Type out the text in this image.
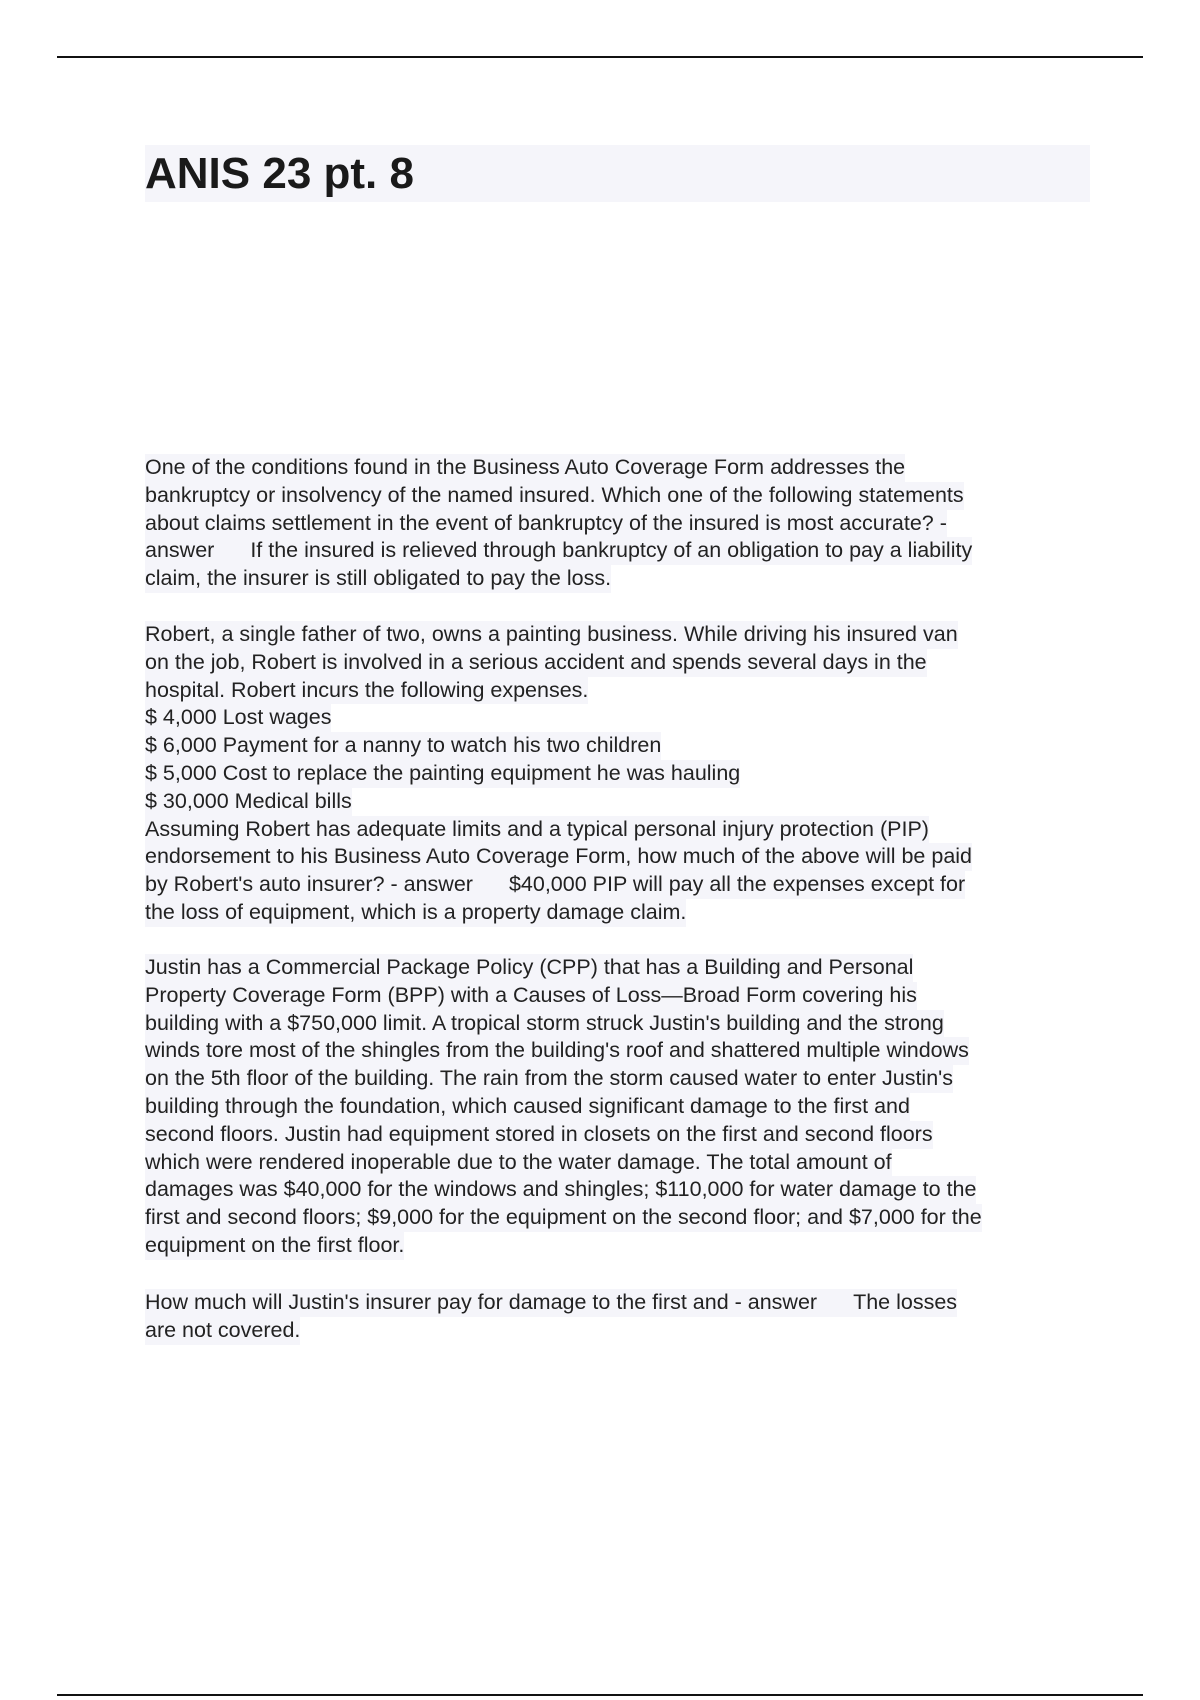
ANIS 23 pt. 8
One of the conditions found in the Business Auto Coverage Form addresses the
bankruptcy or insolvency of the named insured. Which one of the following statements
about claims settlement in the event of bankruptcy of the insured is most accurate? -
answer If the insured is relieved through bankruptcy of an obligation to pay a liability
claim, the insurer is still obligated to pay the loss.
Robert, a single father of two, owns a painting business. While driving his insured van
on the job, Robert is involved in a serious accident and spends several days in the
hospital. Robert incurs the following expenses.
$ 4,000 Lost wages
$ 6,000 Payment for a nanny to watch his two children
$ 5,000 Cost to replace the painting equipment he was hauling
$ 30,000 Medical bills
Assuming Robert has adequate limits and a typical personal injury protection (PIP)
endorsement to his Business Auto Coverage Form, how much of the above will be paid
by Robert's auto insurer? - answer $40,000 PIP will pay all the expenses except for
the loss of equipment, which is a property damage claim.
Justin has a Commercial Package Policy (CPP) that has a Building and Personal
Property Coverage Form (BPP) with a Causes of Loss—Broad Form covering his
building with a $750,000 limit. A tropical storm struck Justin's building and the strong
winds tore most of the shingles from the building's roof and shattered multiple windows
on the 5th floor of the building. The rain from the storm caused water to enter Justin's
building through the foundation, which caused significant damage to the first and
second floors. Justin had equipment stored in closets on the first and second floors
which were rendered inoperable due to the water damage. The total amount of
damages was $40,000 for the windows and shingles; $110,000 for water damage to the
first and second floors; $9,000 for the equipment on the second floor; and $7,000 for the
equipment on the first floor.
How much will Justin's insurer pay for damage to the first and - answer The losses
are not covered.
